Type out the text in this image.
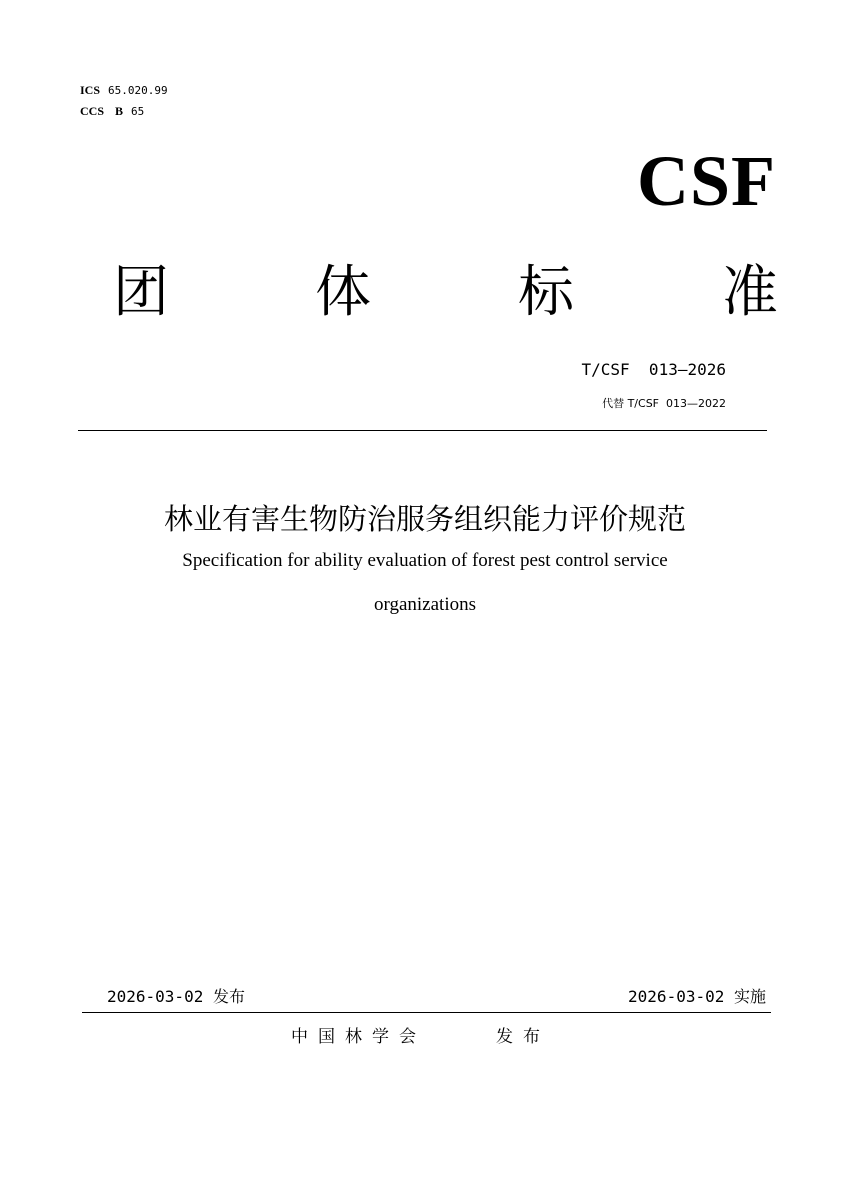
ICS 65.020.99
CCS B 65
CSF
团	体	标	准
T/CSF  013—2026
代替 T/CSF  013—2022
林业有害生物防治服务组织能力评价规范
Specification for ability evaluation of forest pest control service
organizations
2026-03-02 发布	2026-03-02 实施
中国林学会	发布
